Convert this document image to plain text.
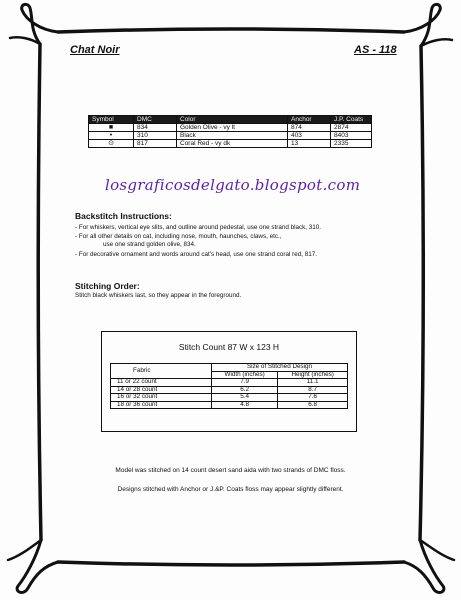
Chat Noir	AS - 118
Symbol	DMC	Color	Anchor	J.P. Coats
■	834	Golden Olive - vy lt	874	2874
•	310	Black	403	8403
⊙	817	Coral Red - vy dk	13	2335
losgraficosdelgato.blogspot.com
Backstitch Instructions:
- For whiskers, vertical eye slits, and outline around pedestal, use one strand black, 310.
- For all other details on cat, including nose, mouth, haunches, claws, etc.,
use one strand golden olive, 834.
- For decorative ornament and words around cat's head, use one strand coral red, 817.
Stitching Order:
Stitch black whiskers last, so they appear in the foreground.
Stitch Count 87 W x 123 H
Fabric	Size of Stitched Design	
	Width (inches)	Height (inches)
11 or 22 count	7.9	11.1
14 or 28 count	6.2	8.7
16 or 32 count	5.4	7.6
18 or 36 count	4.8	6.8
Model was stitched on 14 count desert sand aida with two strands of DMC floss.
Designs stitched with Anchor or J.&P. Coats floss may appear slightly different.
